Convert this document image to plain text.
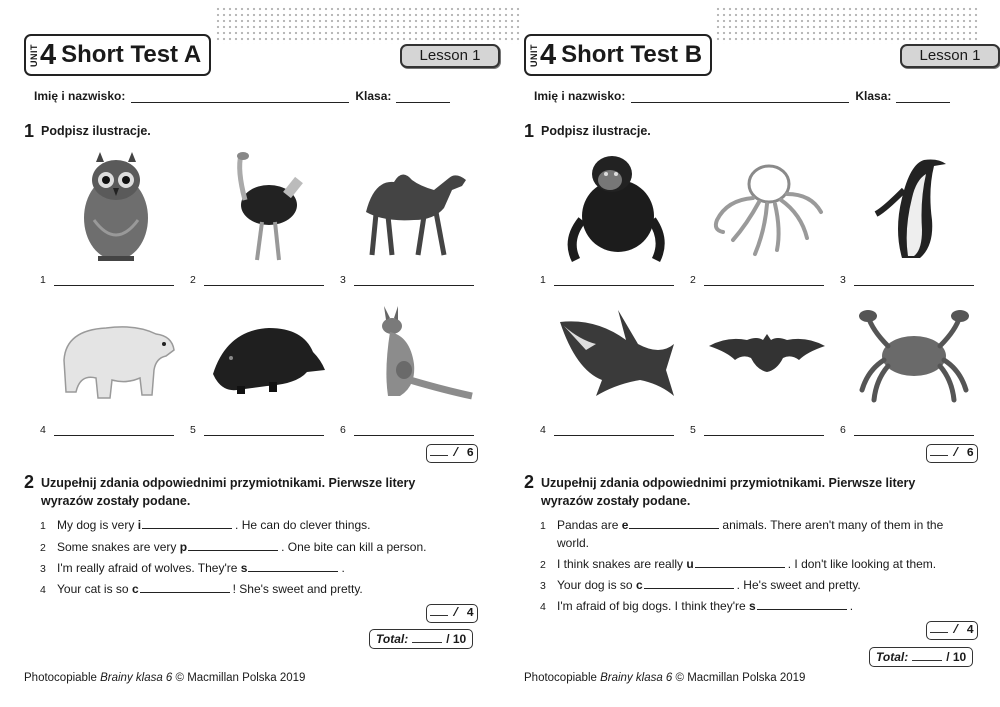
UNIT 4 Short Test A	Lesson 1
Imię i nazwisko:	Klasa:
1 Podpisz ilustracje.
1	2	3
4	5	6
/ 6
2 Uzupełnij zdania odpowiednimi przymiotnikami. Pierwsze litery
wyrazów zostały podane.
1 My dog is very i	. He can do clever things.
2 Some snakes are very p	. One bite can kill a person.
3 I'm really afraid of wolves. They're s	.
4 Your cat is so c	! She's sweet and pretty.
/ 4
Total:	/ 10
Photocopiable Brainy klasa 6 © Macmillan Polska 2019
UNIT 4 Short Test B	Lesson 1
Imię i nazwisko:	Klasa:
1 Podpisz ilustracje.
1	2	3
4	5	6
/ 6
2 Uzupełnij zdania odpowiednimi przymiotnikami. Pierwsze litery
wyrazów zostały podane.
1 Pandas are e	animals. There aren't many of them in the
world.
2 I think snakes are really u	. I don't like looking at them.
3 Your dog is so c	. He's sweet and pretty.
4 I'm afraid of big dogs. I think they're s	.
/ 4
Total:	/ 10
Photocopiable Brainy klasa 6 © Macmillan Polska 2019
